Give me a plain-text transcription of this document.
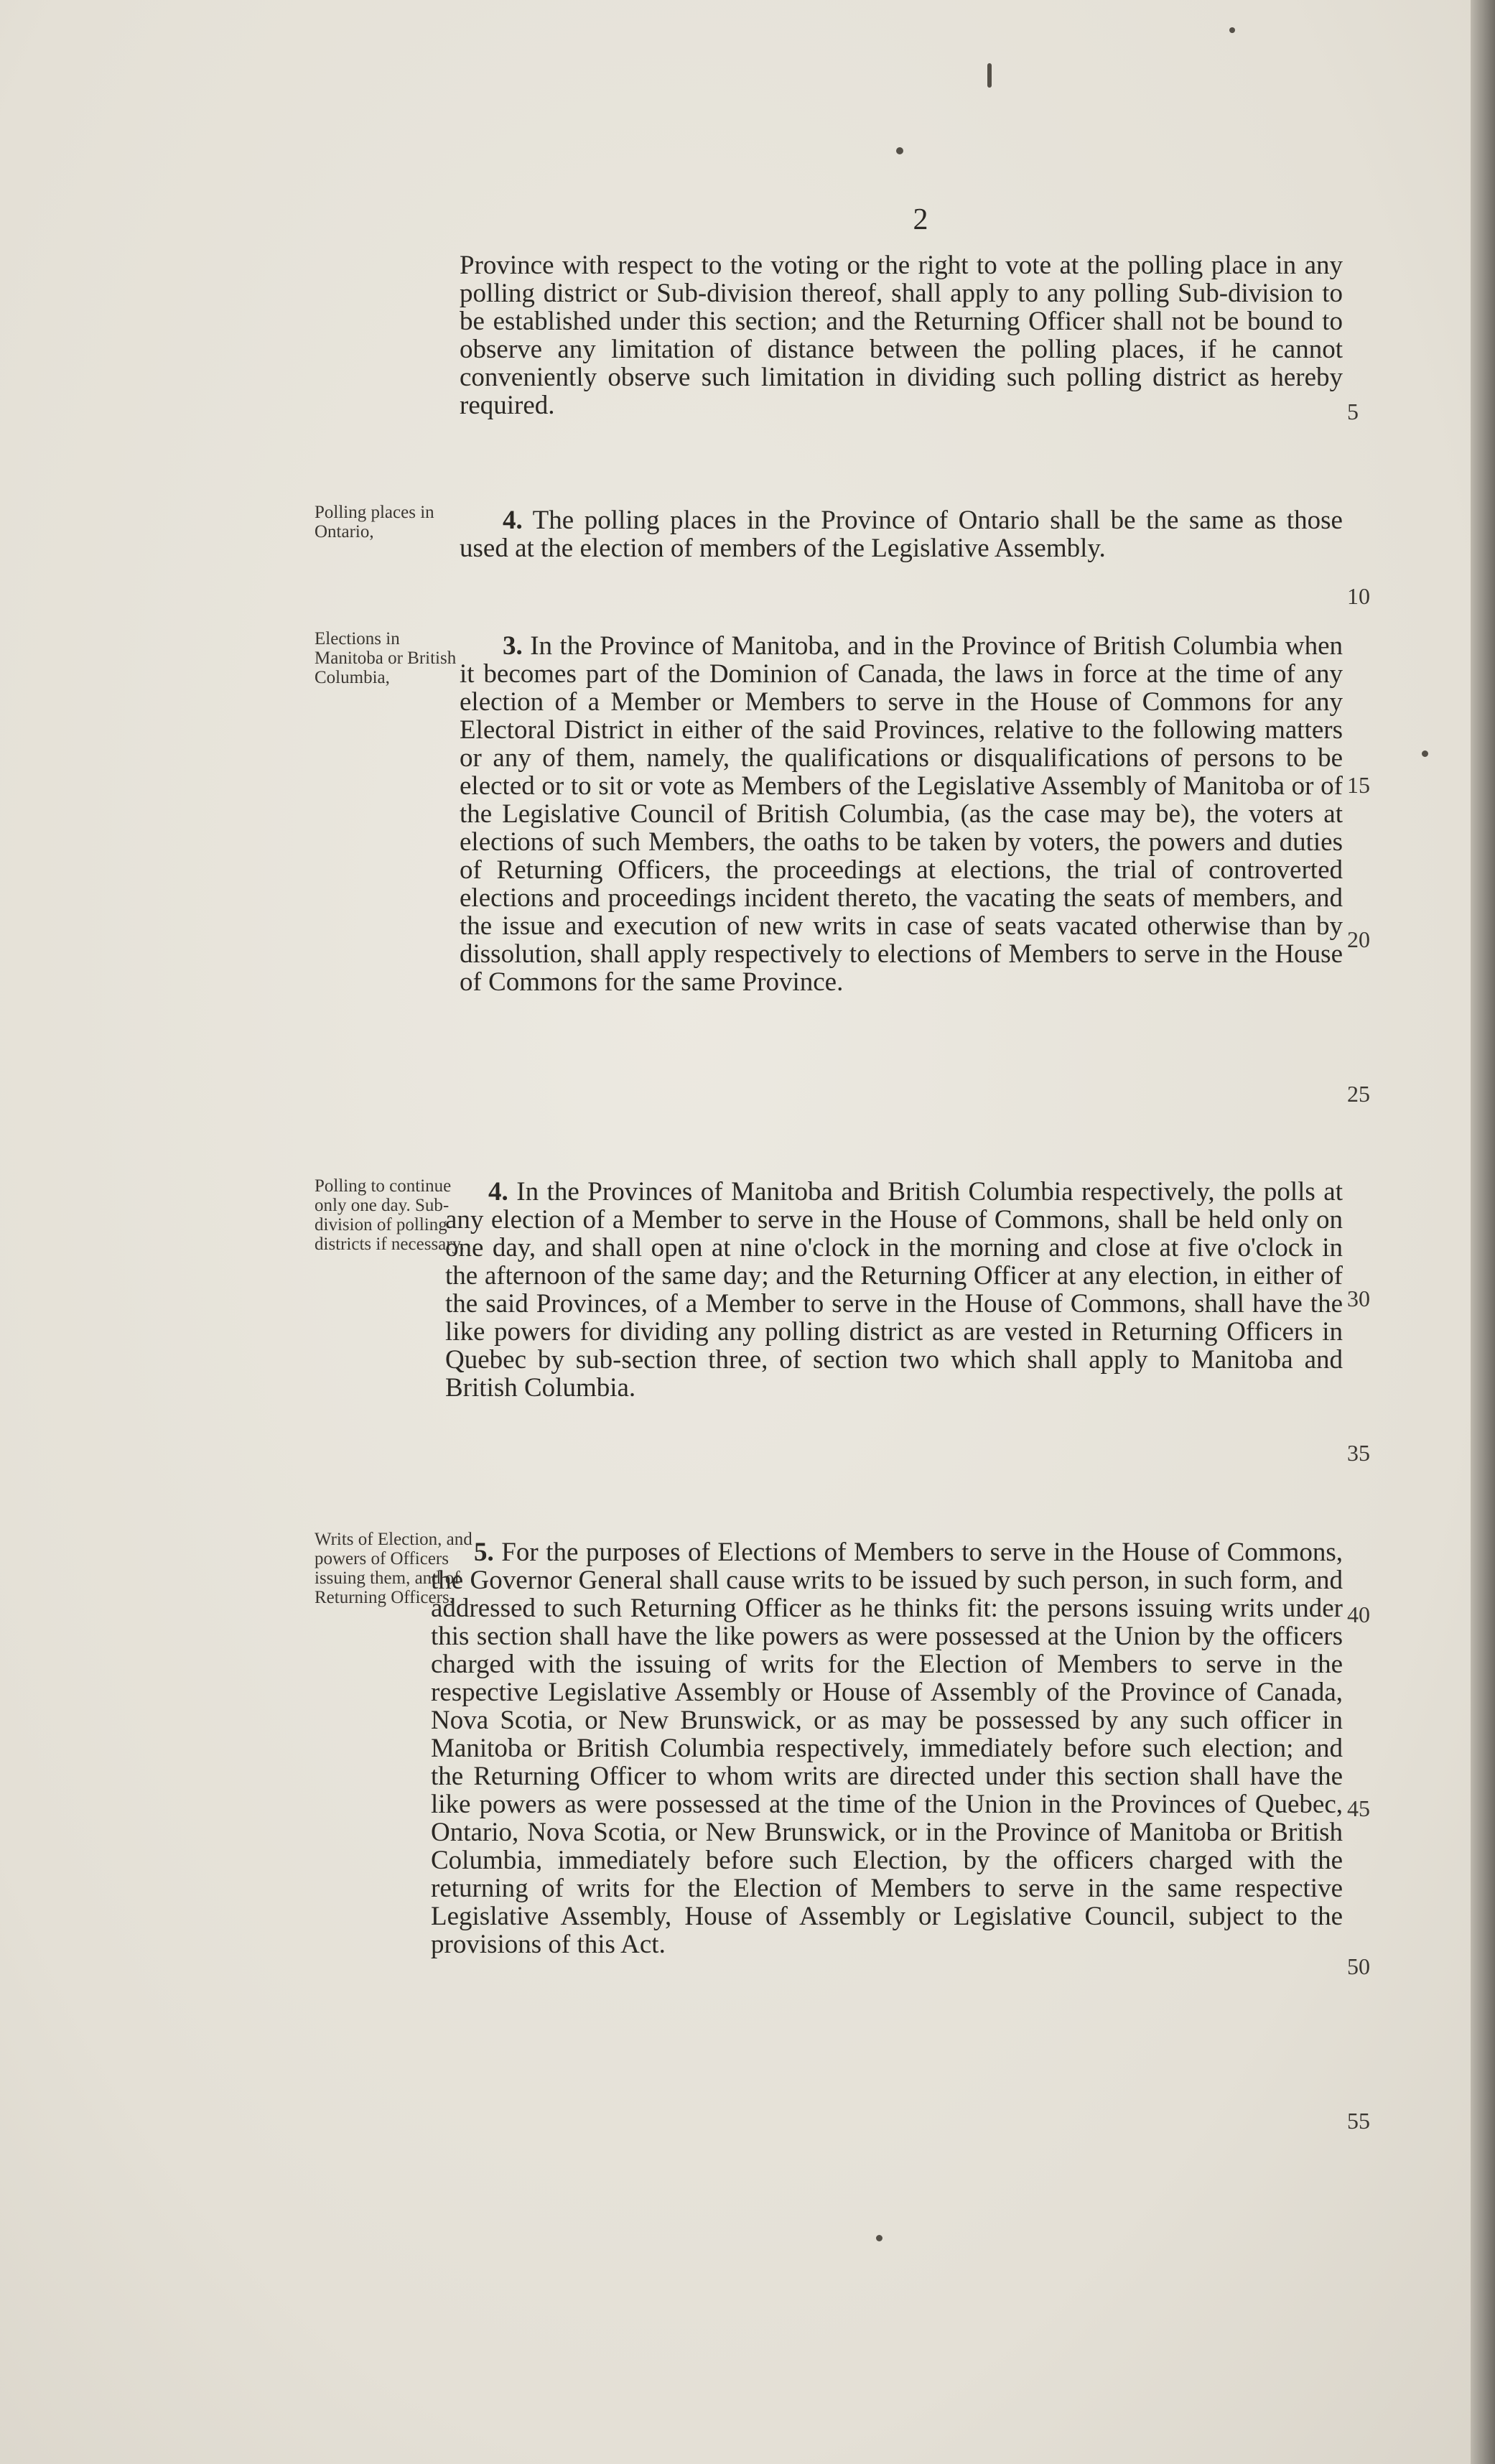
2
Province with respect to the voting or the right to vote at the polling place in any polling district or Sub-division thereof, shall apply to any polling Sub-division to be established under this section; and the Returning Officer shall not be bound to observe any limitation of distance between the polling places, if he cannot conveniently observe such limitation in dividing such polling district as hereby required.
Polling places in Ontario,	4. The polling places in the Province of Ontario shall be the same as those used at the election of members of the Legislative Assembly.
Elections in Manitoba or British Columbia,
3. In the Province of Manitoba, and in the Province of British Columbia when it becomes part of the Dominion of Canada, the laws in force at the time of any election of a Member or Members to serve in the House of Commons for any Electoral District in either of the said Provinces, relative to the following matters or any of them, namely, the qualifications or disqualifications of persons to be elected or to sit or vote as Members of the Legislative Assembly of Manitoba or of the Legislative Council of British Columbia, (as the case may be), the voters at elections of such Members, the oaths to be taken by voters, the powers and duties of Returning Officers, the proceedings at elections, the trial of controverted elections and proceedings incident thereto, the vacating the seats of members, and the issue and execution of new writs in case of seats vacated otherwise than by dissolution, shall apply respectively to elections of Members to serve in the House of Commons for the same Province.
Polling to continue only one day. Sub-division of polling districts if necessary.
4. In the Provinces of Manitoba and British Columbia respectively, the polls at any election of a Member to serve in the House of Commons, shall be held only on one day, and shall open at nine o'clock in the morning and close at five o'clock in the afternoon of the same day; and the Returning Officer at any election, in either of the said Provinces, of a Member to serve in the House of Commons, shall have the like powers for dividing any polling district as are vested in Returning Officers in Quebec by sub-section three, of section two which shall apply to Manitoba and British Columbia.
Writs of Election, and powers of Officers issuing them, and of Returning Officers.
5. For the purposes of Elections of Members to serve in the House of Commons, the Governor General shall cause writs to be issued by such person, in such form, and addressed to such Returning Officer as he thinks fit: the persons issuing writs under this section shall have the like powers as were possessed at the Union by the officers charged with the issuing of writs for the Election of Members to serve in the respective Legislative Assembly or House of Assembly of the Province of Canada, Nova Scotia, or New Brunswick, or as may be possessed by any such officer in Manitoba or British Columbia respectively, immediately before such election; and the Returning Officer to whom writs are directed under this section shall have the like powers as were possessed at the time of the Union in the Provinces of Quebec, Ontario, Nova Scotia, or New Brunswick, or in the Province of Manitoba or British Columbia, immediately before such Election, by the officers charged with the returning of writs for the Election of Members to serve in the same respective Legislative Assembly, House of Assembly or Legislative Council, subject to the provisions of this Act.
5
10
15
20
25
30
35
40
45
50
55
